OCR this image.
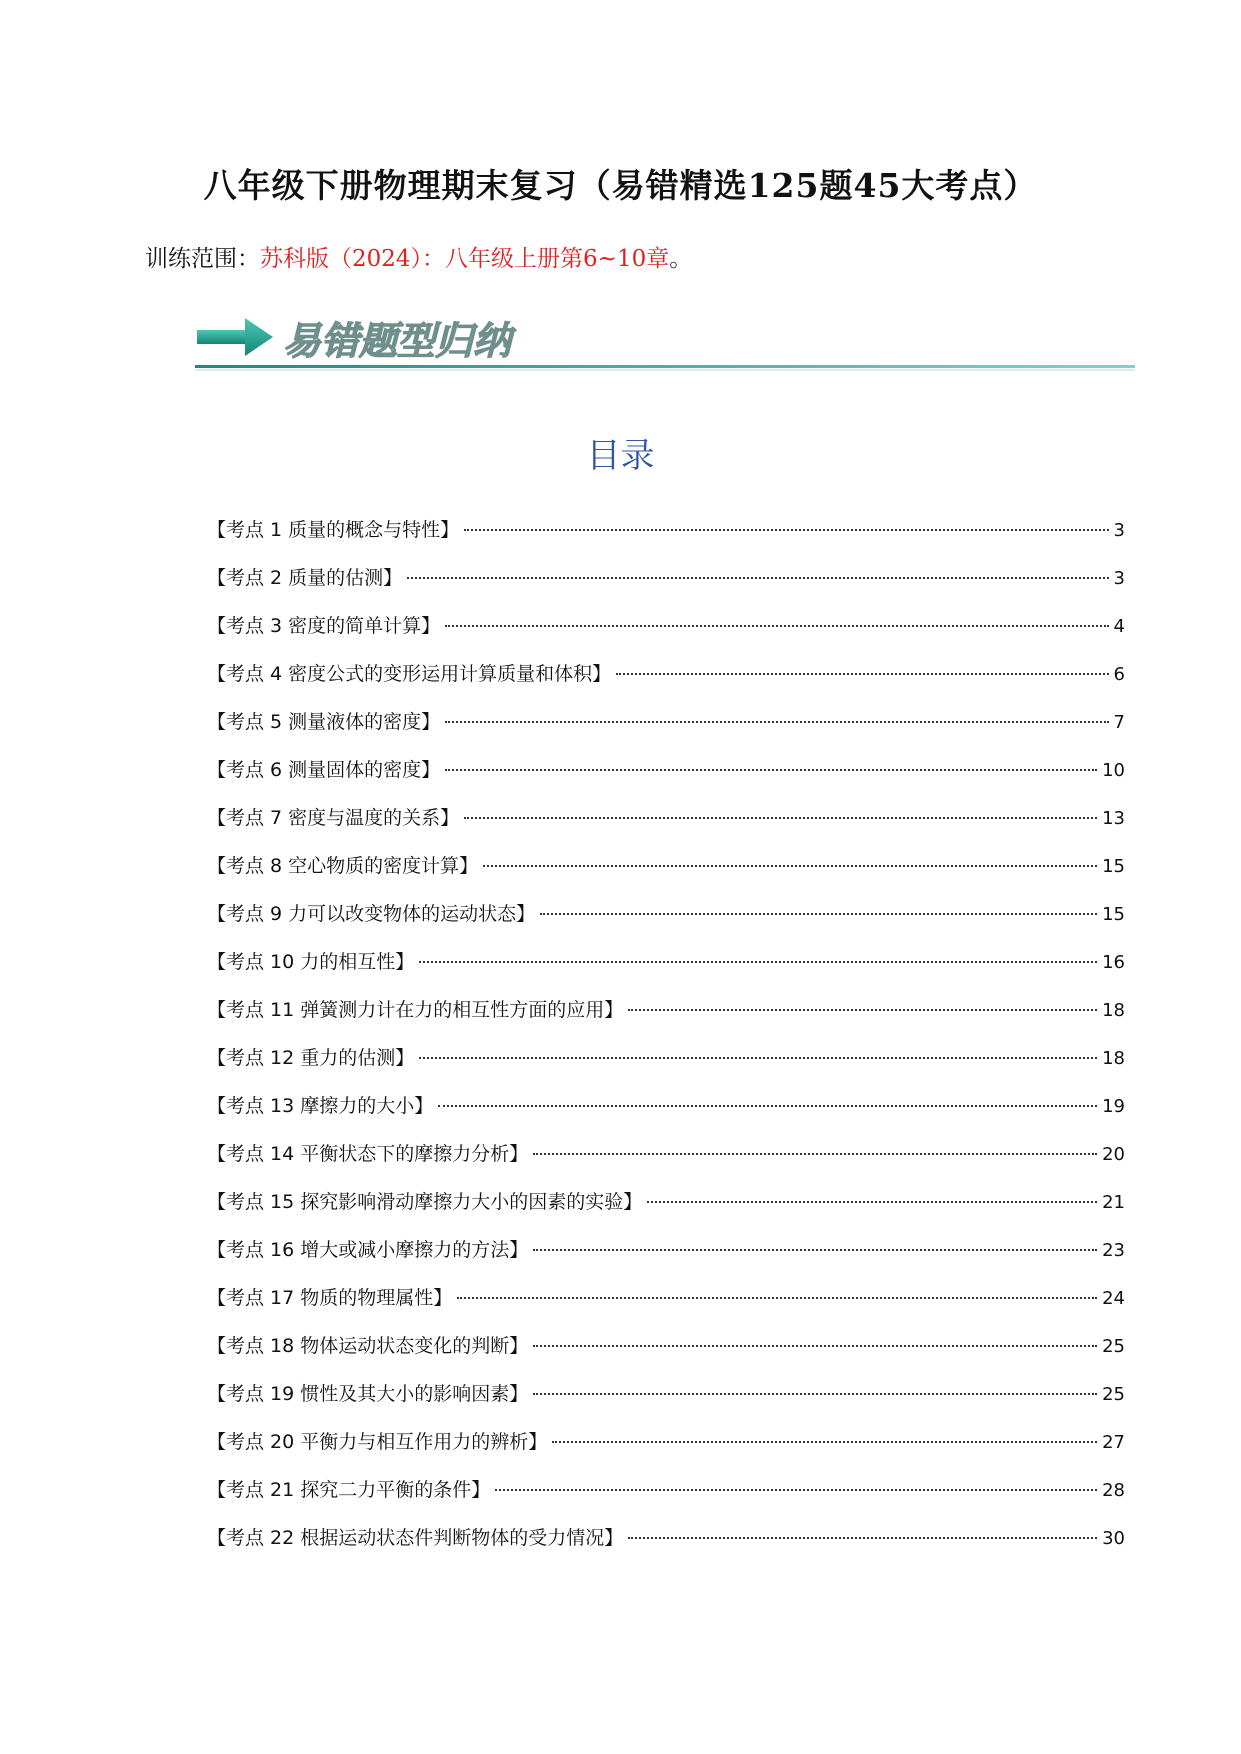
八年级下册物理期末复习（易错精选125题45大考点）
训练范围：苏科版（2024）：八年级上册第6~10章。
易错题型归纳
目录
【考点 1 质量的概念与特性】	3
【考点 2 质量的估测】	3
【考点 3 密度的简单计算】	4
【考点 4 密度公式的变形运用计算质量和体积】	6
【考点 5 测量液体的密度】	7
【考点 6 测量固体的密度】	10
【考点 7 密度与温度的关系】	13
【考点 8 空心物质的密度计算】	15
【考点 9 力可以改变物体的运动状态】	15
【考点 10 力的相互性】	16
【考点 11 弹簧测力计在力的相互性方面的应用】	18
【考点 12 重力的估测】	18
【考点 13 摩擦力的大小】	19
【考点 14 平衡状态下的摩擦力分析】	20
【考点 15 探究影响滑动摩擦力大小的因素的实验】	21
【考点 16 增大或减小摩擦力的方法】	23
【考点 17 物质的物理属性】	24
【考点 18 物体运动状态变化的判断】	25
【考点 19 惯性及其大小的影响因素】	25
【考点 20 平衡力与相互作用力的辨析】	27
【考点 21 探究二力平衡的条件】	28
【考点 22 根据运动状态件判断物体的受力情况】	30
